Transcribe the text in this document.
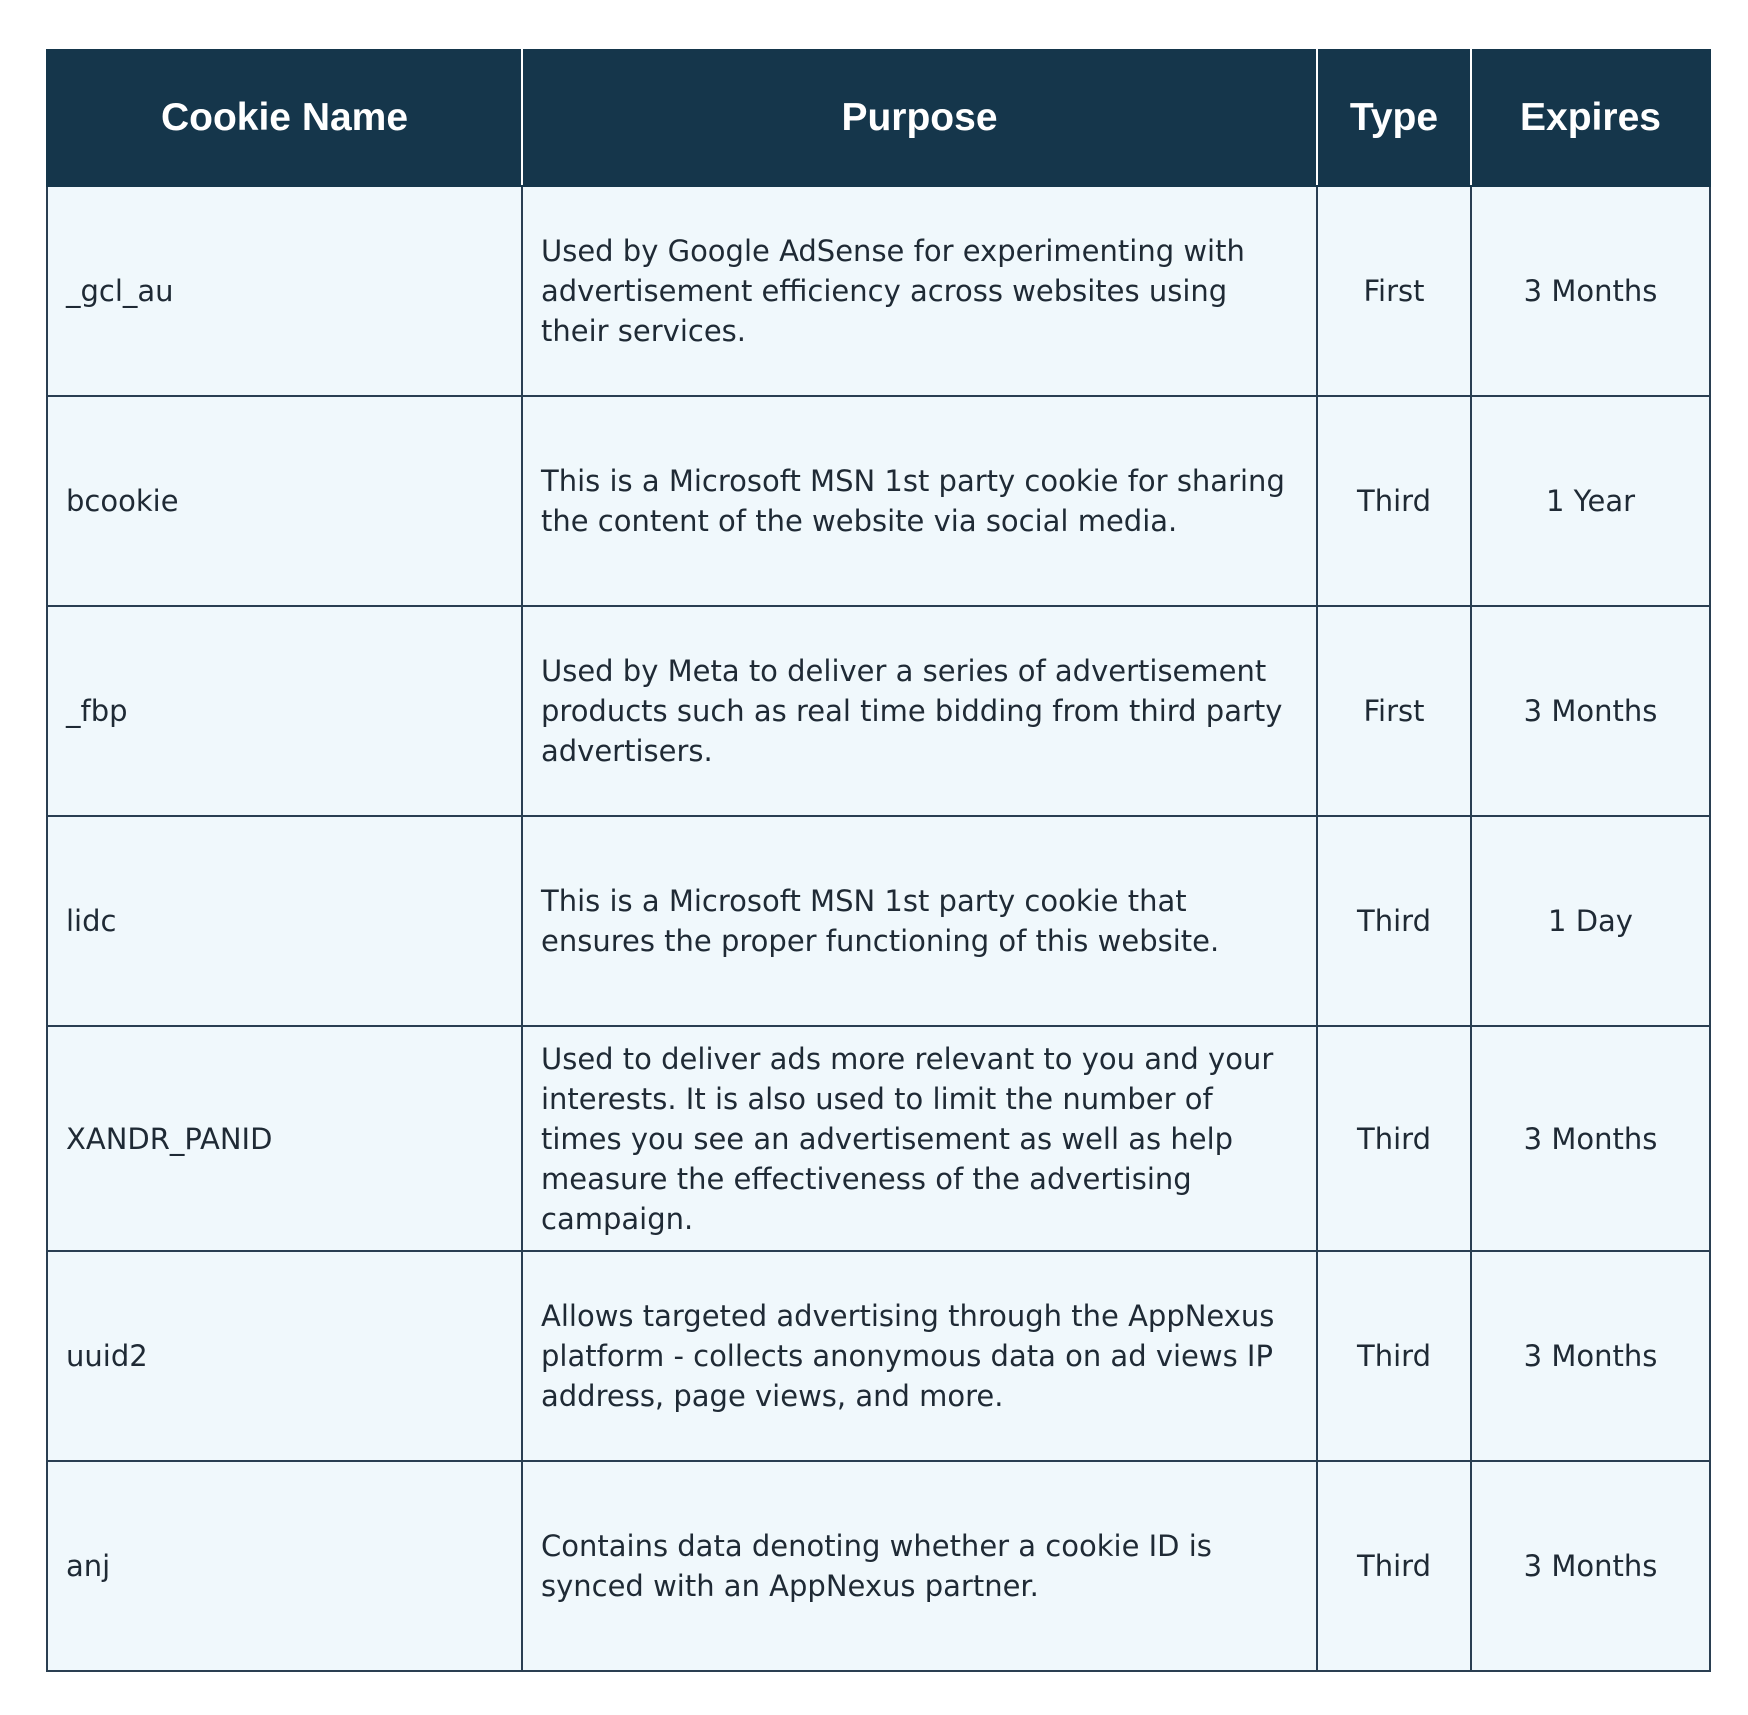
Cookie Name	Purpose	Type	Expires
_gcl_au	Used by Google AdSense for experimenting with advertisement efficiency across websites using their services.	First	3 Months
bcookie	This is a Microsoft MSN 1st party cookie for sharing the content of the website via social media.	Third	1 Year
_fbp	Used by Meta to deliver a series of advertisement products such as real time bidding from third party advertisers.	First	3 Months
lidc	This is a Microsoft MSN 1st party cookie that ensures the proper functioning of this website.	Third	1 Day
XANDR_PANID	Used to deliver ads more relevant to you and your interests. It is also used to limit the number of times you see an advertisement as well as help measure the effectiveness of the advertising campaign.	Third	3 Months
uuid2	Allows targeted advertising through the AppNexus platform - collects anonymous data on ad views IP address, page views, and more.	Third	3 Months
anj	Contains data denoting whether a cookie ID is synced with an AppNexus partner.	Third	3 Months
